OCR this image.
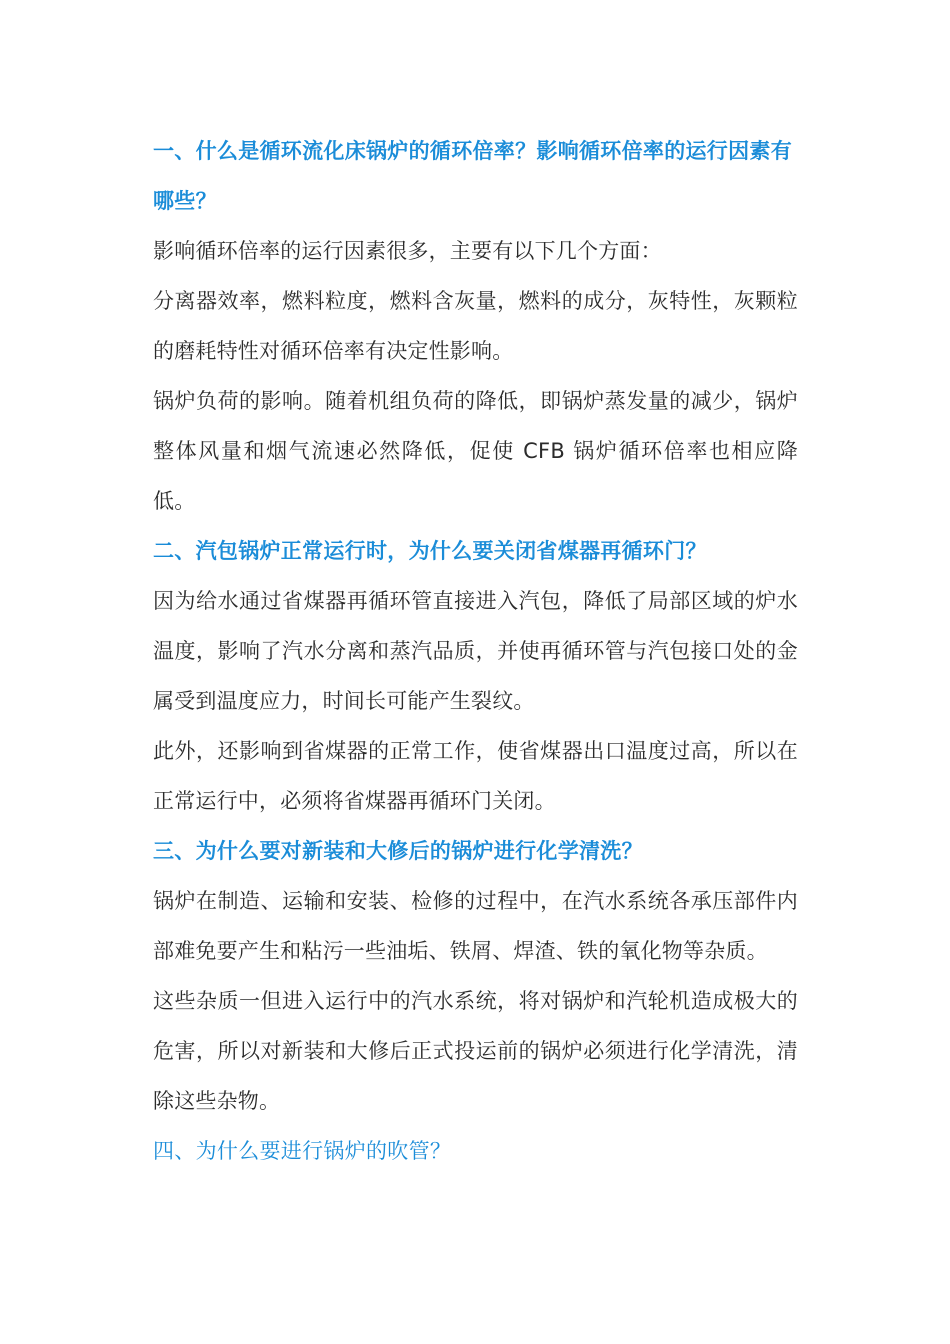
一、什么是循环流化床锅炉的循环倍率？影响循环倍率的运行因素有哪些？

影响循环倍率的运行因素很多，主要有以下几个方面：

分离器效率，燃料粒度，燃料含灰量，燃料的成分，灰特性，灰颗粒的磨耗特性对循环倍率有决定性影响。

锅炉负荷的影响。随着机组负荷的降低，即锅炉蒸发量的减少，锅炉整体风量和烟气流速必然降低，促使 CFB 锅炉循环倍率也相应降低。

二、汽包锅炉正常运行时，为什么要关闭省煤器再循环门？

因为给水通过省煤器再循环管直接进入汽包，降低了局部区域的炉水温度，影响了汽水分离和蒸汽品质，并使再循环管与汽包接口处的金属受到温度应力，时间长可能产生裂纹。

此外，还影响到省煤器的正常工作，使省煤器出口温度过高，所以在正常运行中，必须将省煤器再循环门关闭。

三、为什么要对新装和大修后的锅炉进行化学清洗？

锅炉在制造、运输和安装、检修的过程中，在汽水系统各承压部件内部难免要产生和粘污一些油垢、铁屑、焊渣、铁的氧化物等杂质。

这些杂质一但进入运行中的汽水系统，将对锅炉和汽轮机造成极大的危害，所以对新装和大修后正式投运前的锅炉必须进行化学清洗，清除这些杂物。

四、为什么要进行锅炉的吹管？
